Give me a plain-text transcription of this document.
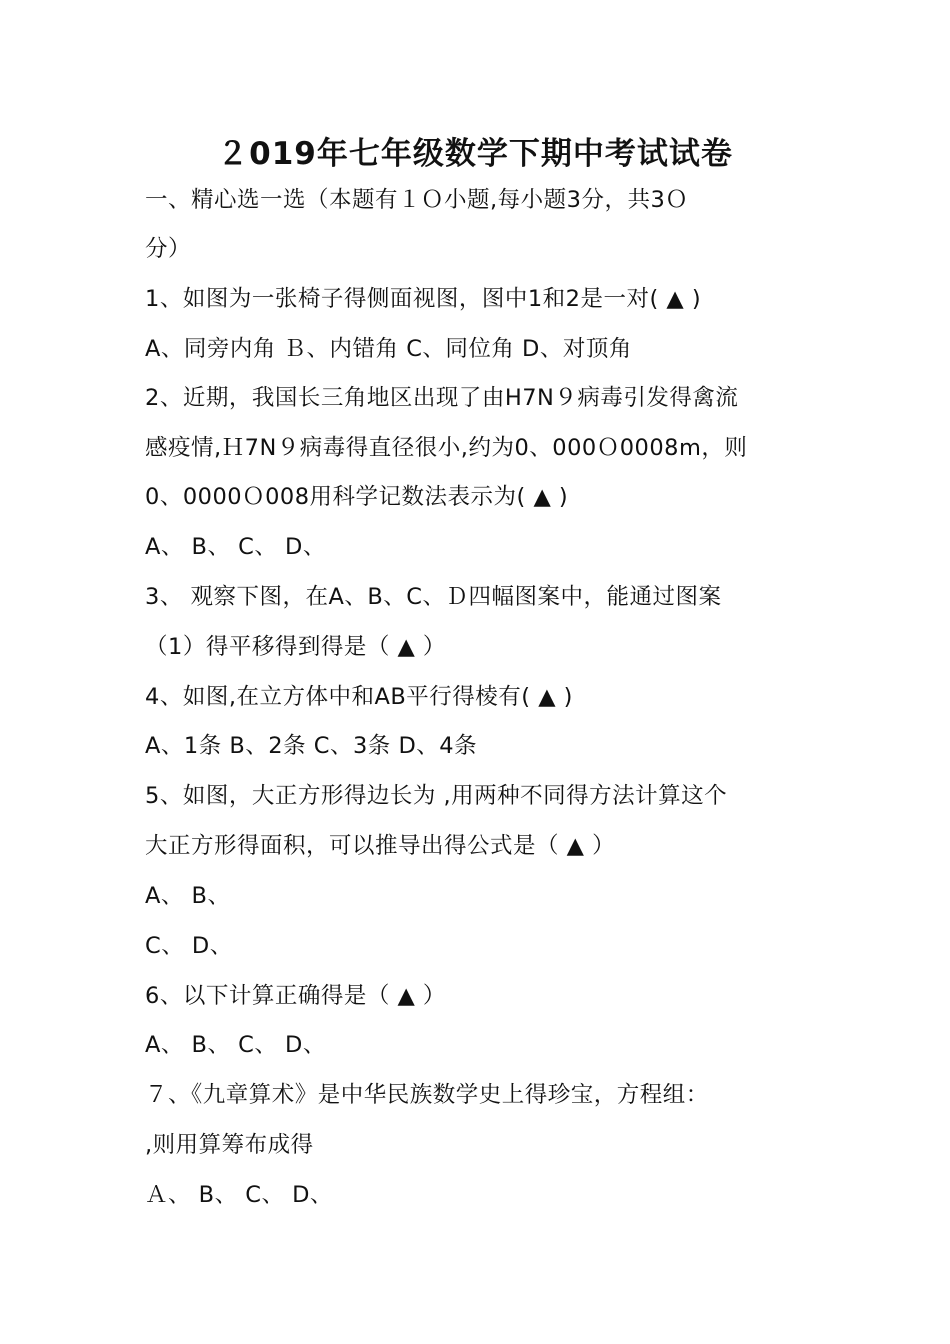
２019年七年级数学下期中考试试卷
一、精心选一选（本题有１Ｏ小题,每小题3分，共3Ｏ
分）
1、如图为一张椅子得侧面视图，图中1和2是一对( ▲ )
A、同旁内角 Ｂ、内错角 C、同位角 D、对顶角
2、近期，我国长三角地区出现了由H7N９病毒引发得禽流
感疫情,Ｈ7N９病毒得直径很小,约为0、000Ｏ0008m，则
0、0000Ｏ008用科学记数法表示为( ▲ )
A、 B、 C、 D、
3、 观察下图，在A、B、C、Ｄ四幅图案中，能通过图案
（1）得平移得到得是（ ▲ ）
4、如图,在立方体中和AB平行得棱有( ▲ )
A、1条 B、2条 C、3条 D、4条
5、如图，大正方形得边长为 ,用两种不同得方法计算这个
大正方形得面积，可以推导出得公式是（ ▲ ）
A、 B、
C、 D、
6、以下计算正确得是（ ▲ ）
A、 B、 C、 D、
７、《九章算术》是中华民族数学史上得珍宝，方程组：
,则用算筹布成得
Ａ、 B、 C、 D、
